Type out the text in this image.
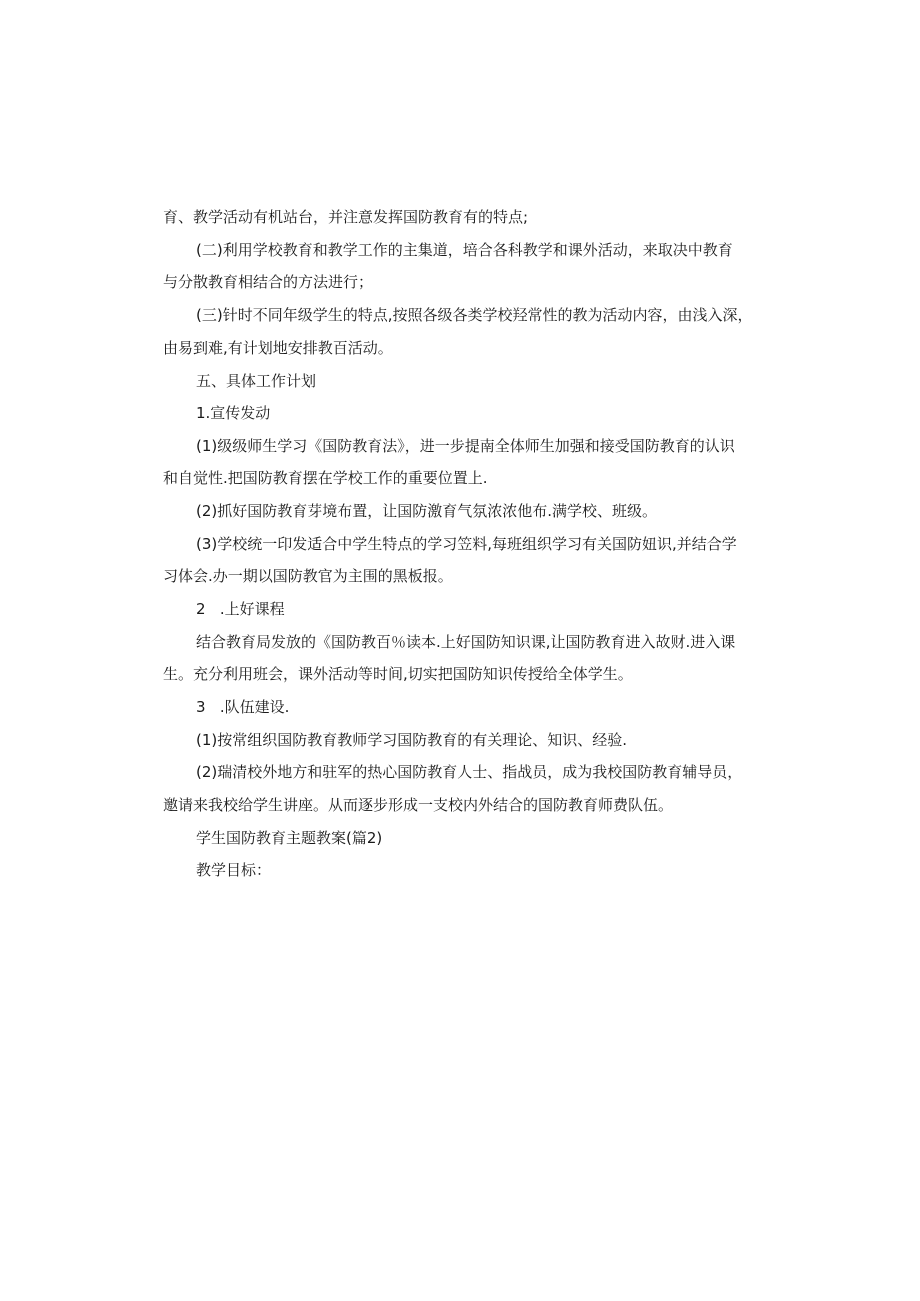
育、教学活动有机站台，并注意发挥国防教育有的特点;
(二)利用学校教育和教学工作的主集道，培合各科教学和课外活动，来取决中教育
与分散教育相结合的方法进行；
(三)针时不同年级学生的特点,按照各级各类学校羟常性的教为活动内容，由浅入深，
由易到难,有计划地安排教百活动。
五、具体工作计划
1.宣传发动
(1)级级师生学习《国防教育法》，进一步提南全体师生加强和接受国防教育的认识
和自觉性.把国防教育摆在学校工作的重要位置上.
(2)抓好国防教育芽境布置，让国防激育气氛浓浓他布.满学校、班级。
(3)学校统一印发适合中学生特点的学习笠料,每班组织学习有关国防妞识,并结合学
习体会.办一期以国防教官为主围的黑板报。
2   .上好课程
结合教育局发放的《国防教百％读本.上好国防知识课,让国防教育进入故财.进入课
生。充分利用班会，课外活动等时间,切实把国防知识传授给全体学生。
3   .队伍建设.
(1)按常组织国防教育教师学习国防教育的有关理论、知识、经验.
(2)瑞清校外地方和驻军的热心国防教育人士、指战员，成为我校国防教育辅导员，
邀请来我校给学生讲座。从而逐步形成一支校内外结合的国防教育师费队伍。
学生国防教育主题教案(篇2)
教学目标：
